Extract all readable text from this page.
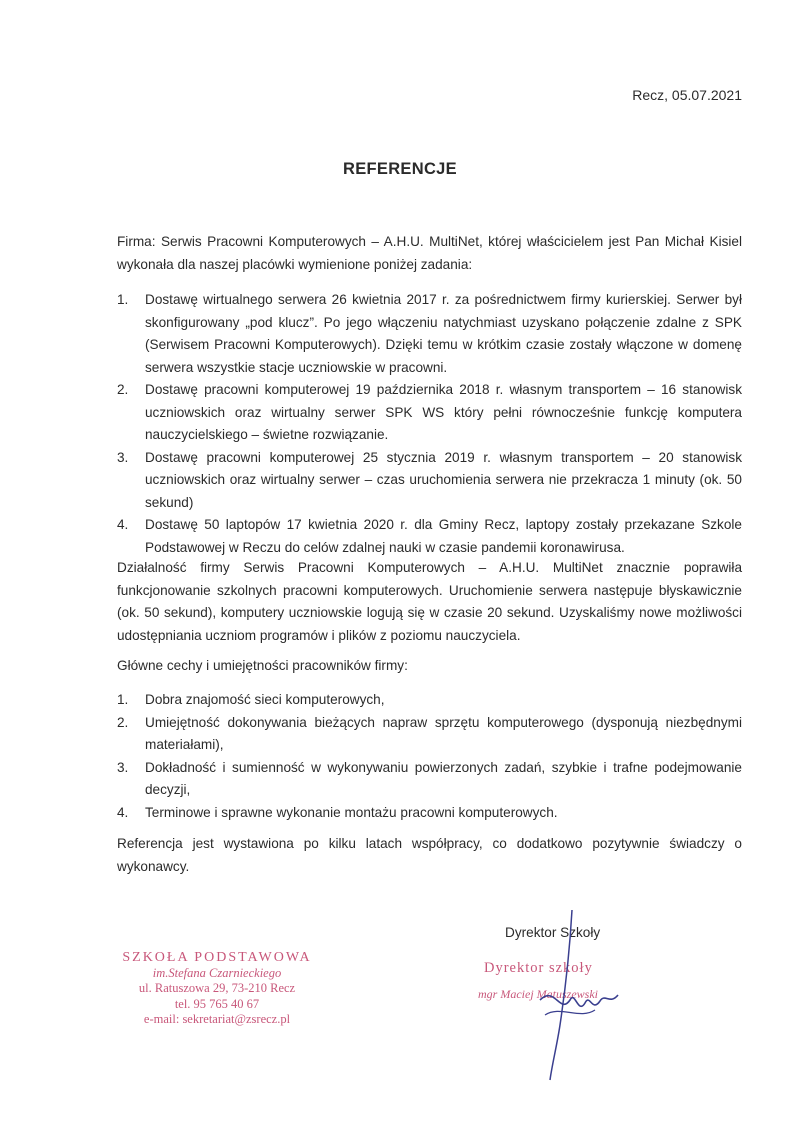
Recz, 05.07.2021
REFERENCJE
Firma: Serwis Pracowni Komputerowych – A.H.U. MultiNet, której właścicielem jest Pan Michał Kisiel wykonała dla naszej placówki wymienione poniżej zadania:
1. Dostawę wirtualnego serwera 26 kwietnia 2017 r. za pośrednictwem firmy kurierskiej. Serwer był skonfigurowany „pod klucz”. Po jego włączeniu natychmiast uzyskano połączenie zdalne z SPK (Serwisem Pracowni Komputerowych). Dzięki temu w krótkim czasie zostały włączone w domenę serwera wszystkie stacje uczniowskie w pracowni.
2. Dostawę pracowni komputerowej 19 października 2018 r. własnym transportem – 16 stanowisk uczniowskich oraz wirtualny serwer SPK WS który pełni równocześnie funkcję komputera nauczycielskiego – świetne rozwiązanie.
3. Dostawę pracowni komputerowej 25 stycznia 2019 r. własnym transportem – 20 stanowisk uczniowskich oraz wirtualny serwer – czas uruchomienia serwera nie przekracza 1 minuty (ok. 50 sekund)
4. Dostawę 50 laptopów 17 kwietnia 2020 r. dla Gminy Recz, laptopy zostały przekazane Szkole Podstawowej w Reczu do celów zdalnej nauki w czasie pandemii koronawirusa.
Działalność firmy Serwis Pracowni Komputerowych – A.H.U. MultiNet znacznie poprawiła funkcjonowanie szkolnych pracowni komputerowych. Uruchomienie serwera następuje błyskawicznie (ok. 50 sekund), komputery uczniowskie logują się w czasie 20 sekund. Uzyskaliśmy nowe możliwości udostępniania uczniom programów i plików z poziomu nauczyciela.
Główne cechy i umiejętności pracowników firmy:
1. Dobra znajomość sieci komputerowych,
2. Umiejętność dokonywania bieżących napraw sprzętu komputerowego (dysponują niezbędnymi materiałami),
3. Dokładność i sumienność w wykonywaniu powierzonych zadań, szybkie i trafne podejmowanie decyzji,
4. Terminowe i sprawne wykonanie montażu pracowni komputerowych.
Referencja jest wystawiona po kilku latach współpracy, co dodatkowo pozytywnie świadczy o wykonawcy.
Dyrektor Szkoły
SZKOŁA PODSTAWOWA
im.Stefana Czarnieckiego
ul. Ratuszowa 29, 73-210 Recz
tel. 95 765 40 67
e-mail: sekretariat@zsrecz.pl
Dyrektor szkoły
mgr Maciej Matuszewski
